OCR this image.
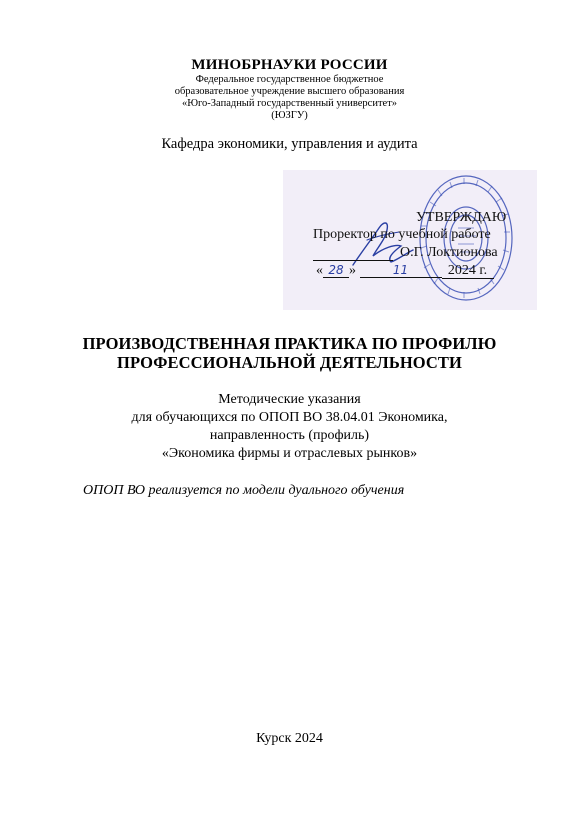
МИНОБРНАУКИ РОССИИ
Федеральное государственное бюджетное
образовательное учреждение высшего образования
«Юго-Западный государственный университет»
(ЮЗГУ)
Кафедра экономики, управления и аудита
УТВЕРЖДАЮ
Проректор по учебной работе
О.Г. Локтионова
« 28 »	11	2024 г.
ПРОИЗВОДСТВЕННАЯ ПРАКТИКА ПО ПРОФИЛЮ
ПРОФЕССИОНАЛЬНОЙ ДЕЯТЕЛЬНОСТИ
Методические указания
для обучающихся по ОПОП ВО 38.04.01 Экономика,
направленность (профиль)
«Экономика фирмы и отраслевых рынков»
ОПОП ВО реализуется по модели дуального обучения
Курск 2024
